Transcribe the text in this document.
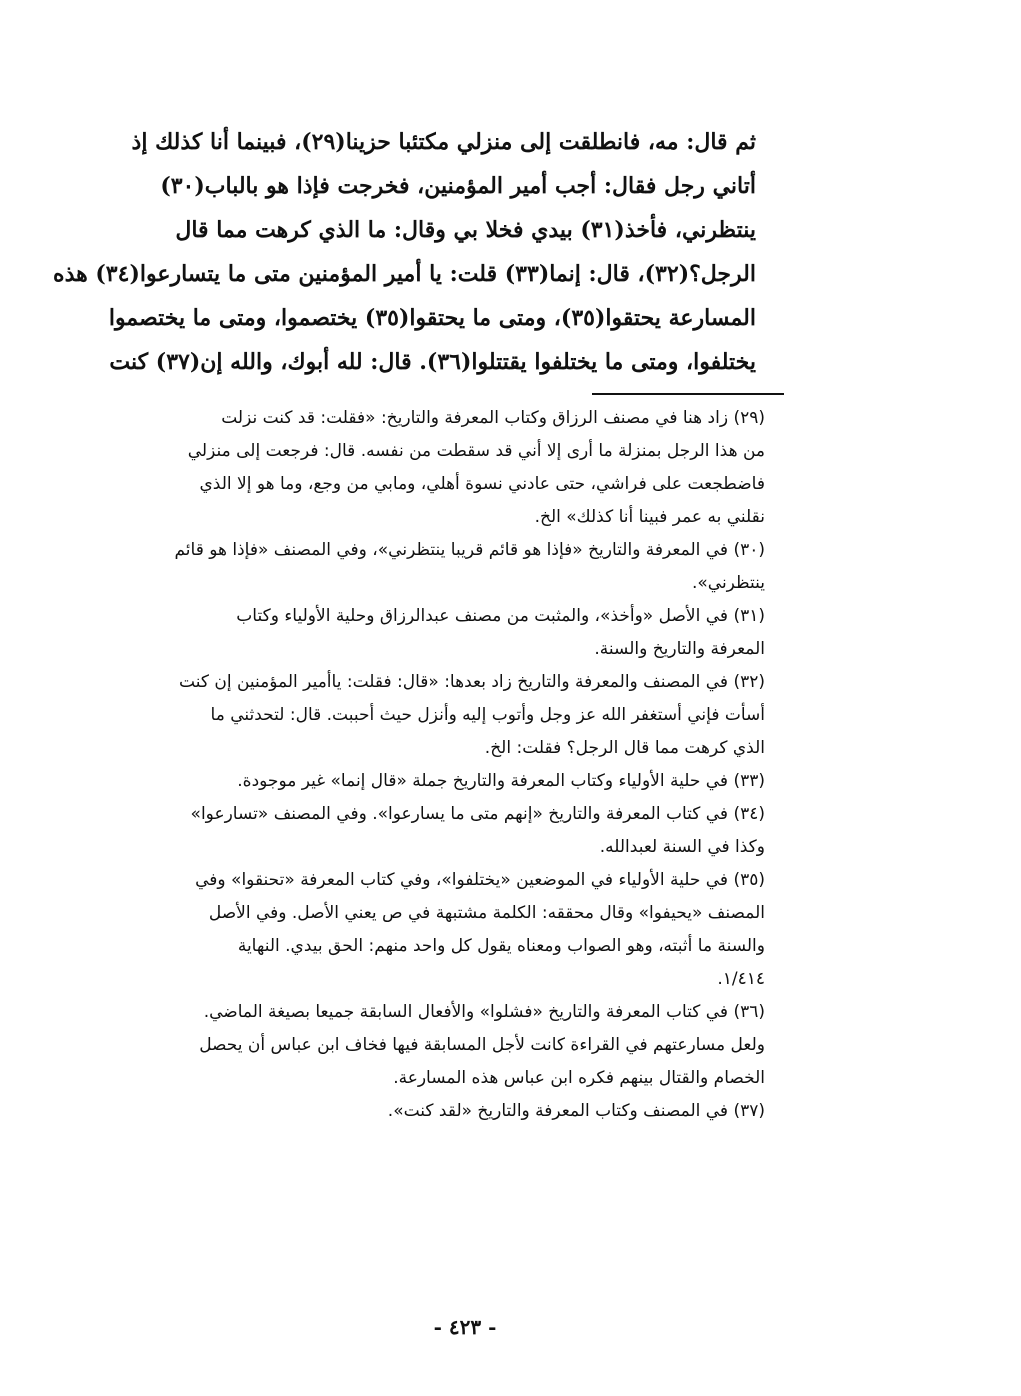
ثم قال: مه، فانطلقت إلى منزلي مكتئبا حزينا(٢٩)، فبينما أنا كذلك إذ
أتاني رجل فقال: أجب أمير المؤمنين، فخرجت فإذا هو بالباب(٣٠)
ينتظرني، فأخذ(٣١) بيدي فخلا بي وقال: ما الذي كرهت مما قال
الرجل؟(٣٢)، قال: إنما(٣٣) قلت: يا أمير المؤمنين متى ما يتسارعوا(٣٤) هذه
المسارعة يحتقوا(٣٥)، ومتى ما يحتقوا(٣٥) يختصموا، ومتى ما يختصموا
يختلفوا، ومتى ما يختلفوا يقتتلوا(٣٦). قال: لله أبوك، والله إن(٣٧) كنت
(٢٩) زاد هنا في مصنف الرزاق وكتاب المعرفة والتاريخ: «فقلت: قد كنت نزلت
من هذا الرجل بمنزلة ما أرى إلا أني قد سقطت من نفسه. قال: فرجعت إلى منزلي
فاضطجعت على فراشي، حتى عادني نسوة أهلي، ومابي من وجع، وما هو إلا الذي
نقلني به عمر فبينا أنا كذلك» الخ.
(٣٠) في المعرفة والتاريخ «فإذا هو قائم قريبا ينتظرني»، وفي المصنف «فإذا هو قائم
ينتظرني».
(٣١) في الأصل «وأخذ»، والمثبت من مصنف عبدالرزاق وحلية الأولياء وكتاب
المعرفة والتاريخ والسنة.
(٣٢) في المصنف والمعرفة والتاريخ زاد بعدها: «قال: فقلت: ياأمير المؤمنين إن كنت
أسأت فإني أستغفر الله عز وجل وأتوب إليه وأنزل حيث أحببت. قال: لتحدثني ما
الذي كرهت مما قال الرجل؟ فقلت: الخ.
(٣٣) في حلية الأولياء وكتاب المعرفة والتاريخ جملة «قال إنما» غير موجودة.
(٣٤) في كتاب المعرفة والتاريخ «إنهم متى ما يسارعوا». وفي المصنف «تسارعوا»
وكذا في السنة لعبدالله.
(٣٥) في حلية الأولياء في الموضعين «يختلفوا»، وفي كتاب المعرفة «تحنقوا» وفي
المصنف «يحيفوا» وقال محققه: الكلمة مشتبهة في ص يعني الأصل. وفي الأصل
والسنة ما أثبته، وهو الصواب ومعناه يقول كل واحد منهم: الحق بيدي. النهاية
١/٤١٤.
(٣٦) في كتاب المعرفة والتاريخ «فشلوا» والأفعال السابقة جميعا بصيغة الماضي.
ولعل مسارعتهم في القراءة كانت لأجل المسابقة فيها فخاف ابن عباس أن يحصل
الخصام والقتال بينهم فكره ابن عباس هذه المسارعة.
(٣٧) في المصنف وكتاب المعرفة والتاريخ «لقد كنت».
- ٤٢٣ -
